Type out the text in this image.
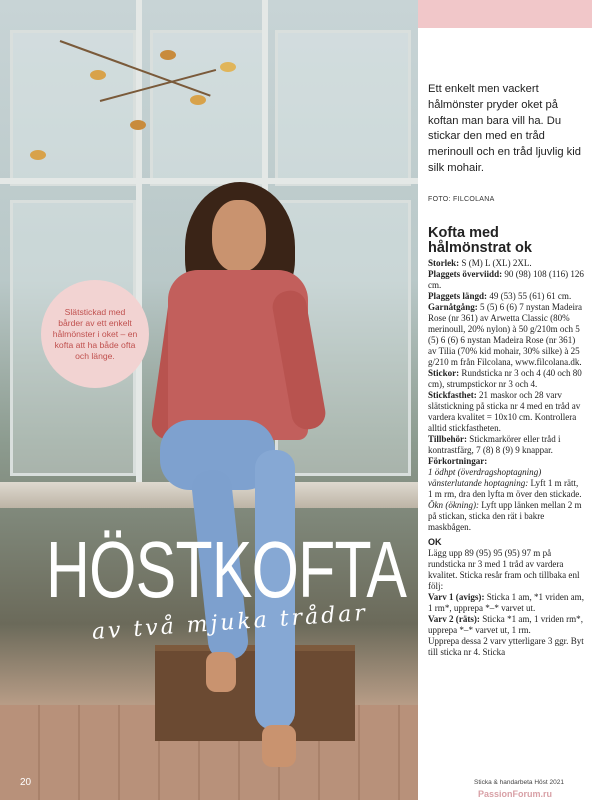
Slätstickad med bårder av ett enkelt hålmönster i oket – en kofta att ha både ofta och länge.
HÖSTKOFTA
av två mjuka trådar
20
Ett enkelt men vackert hålmönster pryder oket på koftan man bara vill ha. Du stickar den med en tråd merinoull och en tråd ljuvlig kid silk mohair.
FOTO: FILCOLANA
Kofta med hålmönstrat ok

Storlek: S (M) L (XL) 2XL.

Plaggets överviidd: 90 (98) 108 (116) 126 cm.

Plaggets längd: 49 (53) 55 (61) 61 cm.

Garnåtgång: 5 (5) 6 (6) 7 nystan Madeira Rose (nr 361) av Arwetta Classic (80% merinoull, 20% nylon) à 50 g/210m och 5 (5) 6 (6) 6 nystan Madeira Rose (nr 361) av Tilia (70% kid mohair, 30% silke) à 25 g/210 m från Filcolana, www.filcolana.dk.

Stickor: Rundsticka nr 3 och 4 (40 och 80 cm), strumpstickor nr 3 och 4.

Stickfasthet: 21 maskor och 28 varv slätstickning på sticka nr 4 med en tråd av vardera kvalitet = 10x10 cm. Kontrollera alltid stickfastheten.

Tillbehör: Stickmarkörer eller tråd i kontrastfärg, 7 (8) 8 (9) 9 knappar.

Förkortningar:

1 ödhpt (överdragshoptagning) vänsterlutande hoptagning: Lyft 1 m rätt, 1 m rm, dra den lyfta m över den stickade.

Ökn (ökning): Lyft upp länken mellan 2 m på stickan, sticka den rät i bakre maskbågen.

OK

Lägg upp 89 (95) 95 (95) 97 m på rundsticka nr 3 med 1 tråd av vardera kvalitet. Sticka resår fram och tillbaka enl följ:

Varv 1 (avigs): Sticka 1 am, *1 vriden am, 1 rm*, upprepa *–* varvet ut.

Varv 2 (räts): Sticka *1 am, 1 vriden rm*, upprepa *–* varvet ut, 1 rm.

Upprepa dessa 2 varv ytterligare 3 ggr. Byt till sticka nr 4. Sticka

Sticka & handarbeta Höst 2021
PassionForum.ru
